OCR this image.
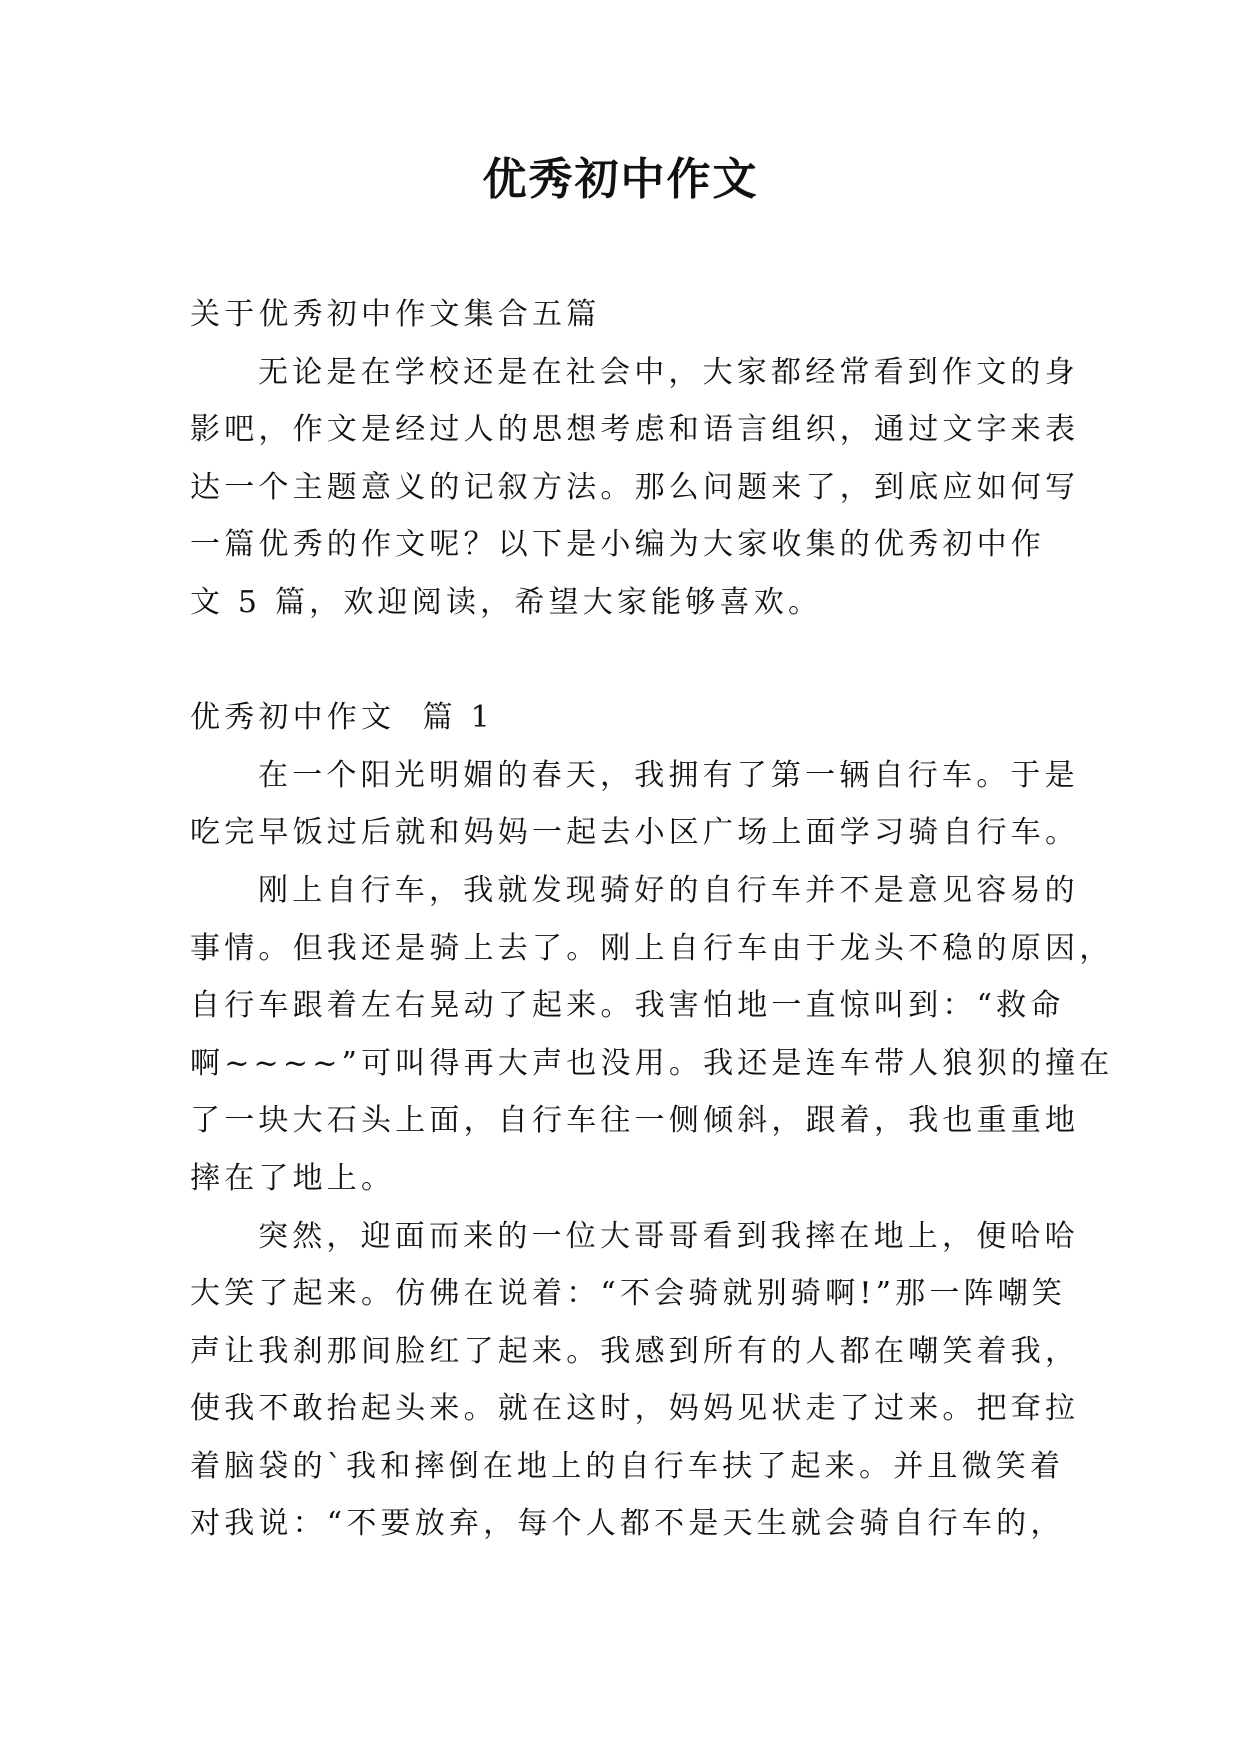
优秀初中作文
关于优秀初中作文集合五篇
无论是在学校还是在社会中，大家都经常看到作文的身
影吧，作文是经过人的思想考虑和语言组织，通过文字来表
达一个主题意义的记叙方法。那么问题来了，到底应如何写
一篇优秀的作文呢？以下是小编为大家收集的优秀初中作
文 5 篇，欢迎阅读，希望大家能够喜欢。
优秀初中作文  篇 1
在一个阳光明媚的春天，我拥有了第一辆自行车。于是
吃完早饭过后就和妈妈一起去小区广场上面学习骑自行车。
刚上自行车，我就发现骑好的自行车并不是意见容易的
事情。但我还是骑上去了。刚上自行车由于龙头不稳的原因，
自行车跟着左右晃动了起来。我害怕地一直惊叫到：“救命
啊~~~~”可叫得再大声也没用。我还是连车带人狼狈的撞在
了一块大石头上面，自行车往一侧倾斜，跟着，我也重重地
摔在了地上。
突然，迎面而来的一位大哥哥看到我摔在地上，便哈哈
大笑了起来。仿佛在说着：“不会骑就别骑啊!”那一阵嘲笑
声让我刹那间脸红了起来。我感到所有的人都在嘲笑着我，
使我不敢抬起头来。就在这时，妈妈见状走了过来。把耷拉
着脑袋的`我和摔倒在地上的自行车扶了起来。并且微笑着
对我说：“不要放弃，每个人都不是天生就会骑自行车的，
